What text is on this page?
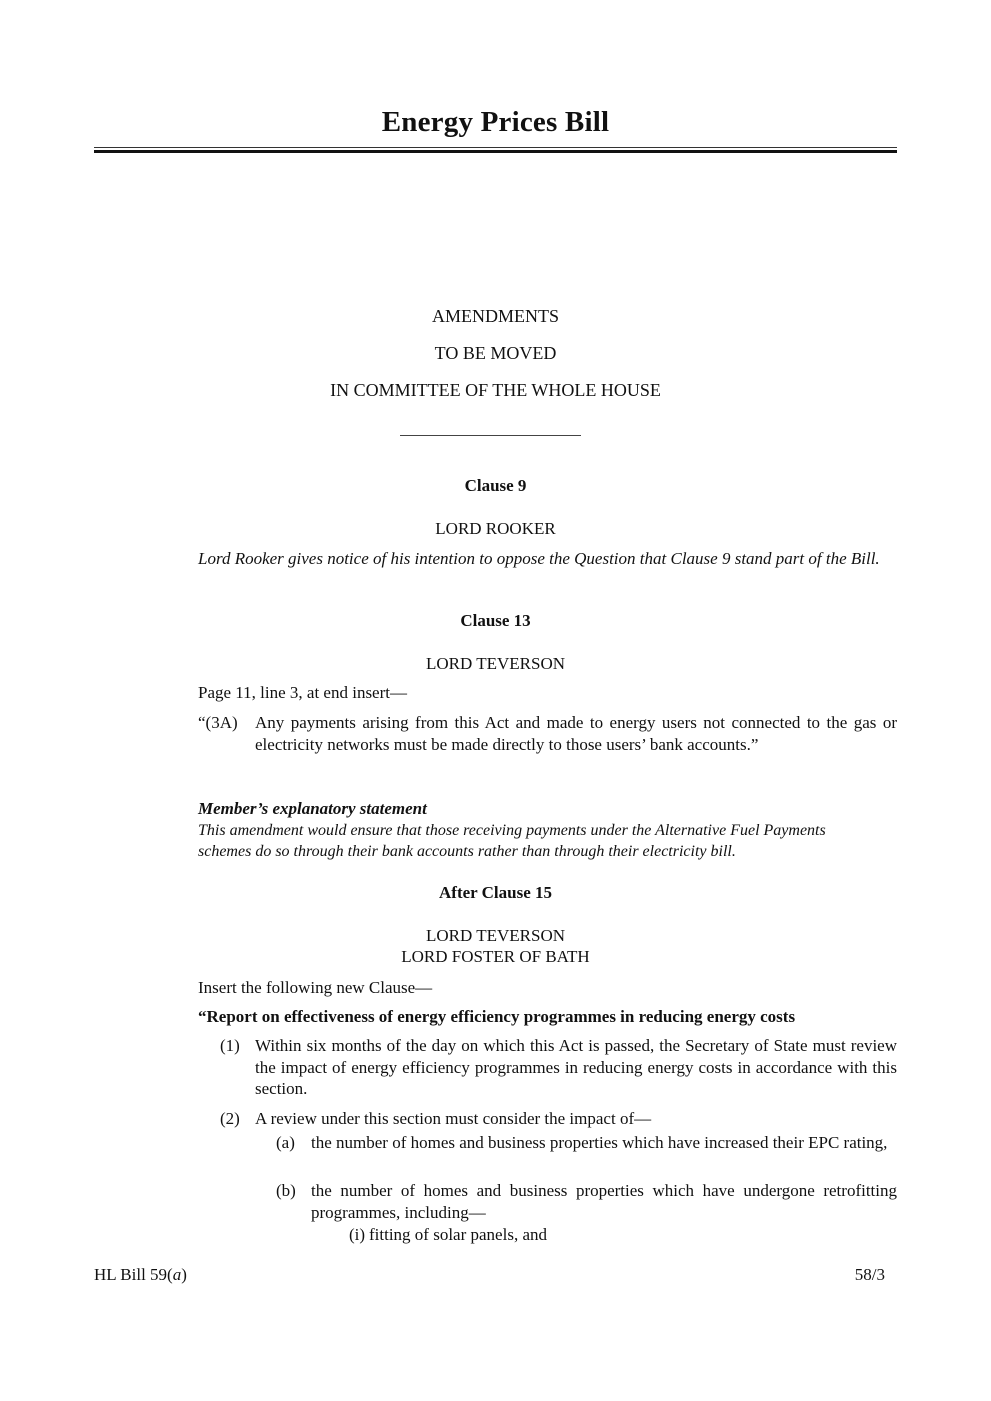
Energy Prices Bill
AMENDMENTS
TO BE MOVED
IN COMMITTEE OF THE WHOLE HOUSE
Clause 9
LORD ROOKER
Lord Rooker gives notice of his intention to oppose the Question that Clause 9 stand part of the Bill.
Clause 13
LORD TEVERSON
Page 11, line 3, at end insert—
“(3A) Any payments arising from this Act and made to energy users not connected to the gas or electricity networks must be made directly to those users’ bank accounts.”
Member’s explanatory statement
This amendment would ensure that those receiving payments under the Alternative Fuel Payments schemes do so through their bank accounts rather than through their electricity bill.
After Clause 15
LORD TEVERSON
LORD FOSTER OF BATH
Insert the following new Clause—
“Report on effectiveness of energy efficiency programmes in reducing energy costs
(1) Within six months of the day on which this Act is passed, the Secretary of State must review the impact of energy efficiency programmes in reducing energy costs in accordance with this section.
(2) A review under this section must consider the impact of—
(a) the number of homes and business properties which have increased their EPC rating,
(b) the number of homes and business properties which have undergone retrofitting programmes, including—
(i) fitting of solar panels, and
HL Bill 59(a)	58/3
